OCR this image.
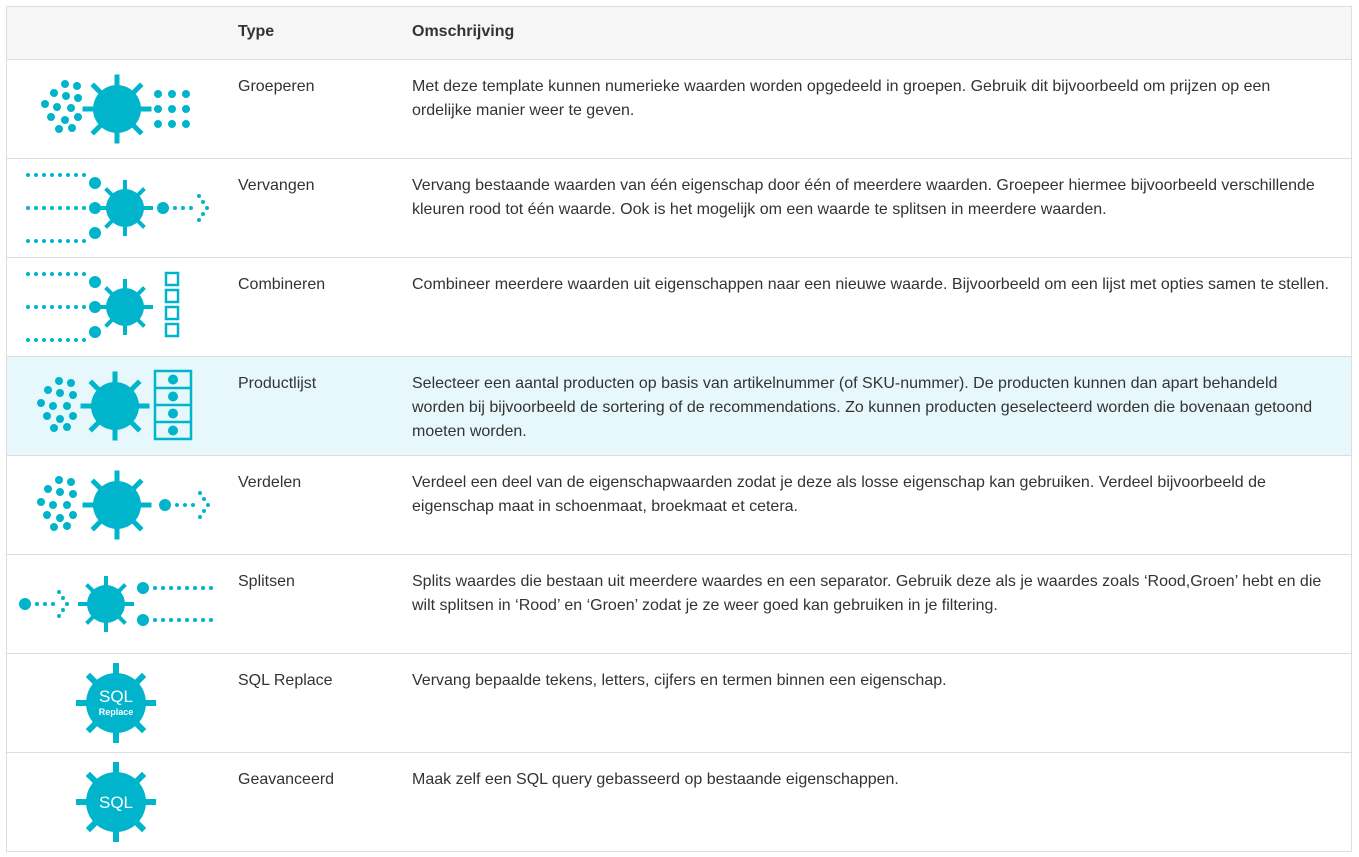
Type	Omschrijving
Groeperen	Met deze template kunnen numerieke waarden worden opgedeeld in groepen. Gebruik dit bijvoorbeeld om prijzen op een ordelijke manier weer te geven.
Vervangen	Vervang bestaande waarden van één eigenschap door één of meerdere waarden. Groepeer hiermee bijvoorbeeld verschillende kleuren rood tot één waarde. Ook is het mogelijk om een waarde te splitsen in meerdere waarden.
Combineren	Combineer meerdere waarden uit eigenschappen naar een nieuwe waarde. Bijvoorbeeld om een lijst met opties samen te stellen.
Productlijst	Selecteer een aantal producten op basis van artikelnummer (of SKU-nummer). De producten kunnen dan apart behandeld worden bij bijvoorbeeld de sortering of de recommendations. Zo kunnen producten geselecteerd worden die bovenaan getoond moeten worden.
Verdelen	Verdeel een deel van de eigenschapwaarden zodat je deze als losse eigenschap kan gebruiken. Verdeel bijvoorbeeld de eigenschap maat in schoenmaat, broekmaat et cetera.
Splitsen	Splits waardes die bestaan uit meerdere waardes en een separator. Gebruik deze als je waardes zoals ‘Rood,Groen’ hebt en die wilt splitsen in ‘Rood’ en ‘Groen’ zodat je ze weer goed kan gebruiken in je filtering.
SQL
Replace
SQL Replace	Vervang bepaalde tekens, letters, cijfers en termen binnen een eigenschap.
SQL
Geavanceerd	Maak zelf een SQL query gebasseerd op bestaande eigenschappen.
